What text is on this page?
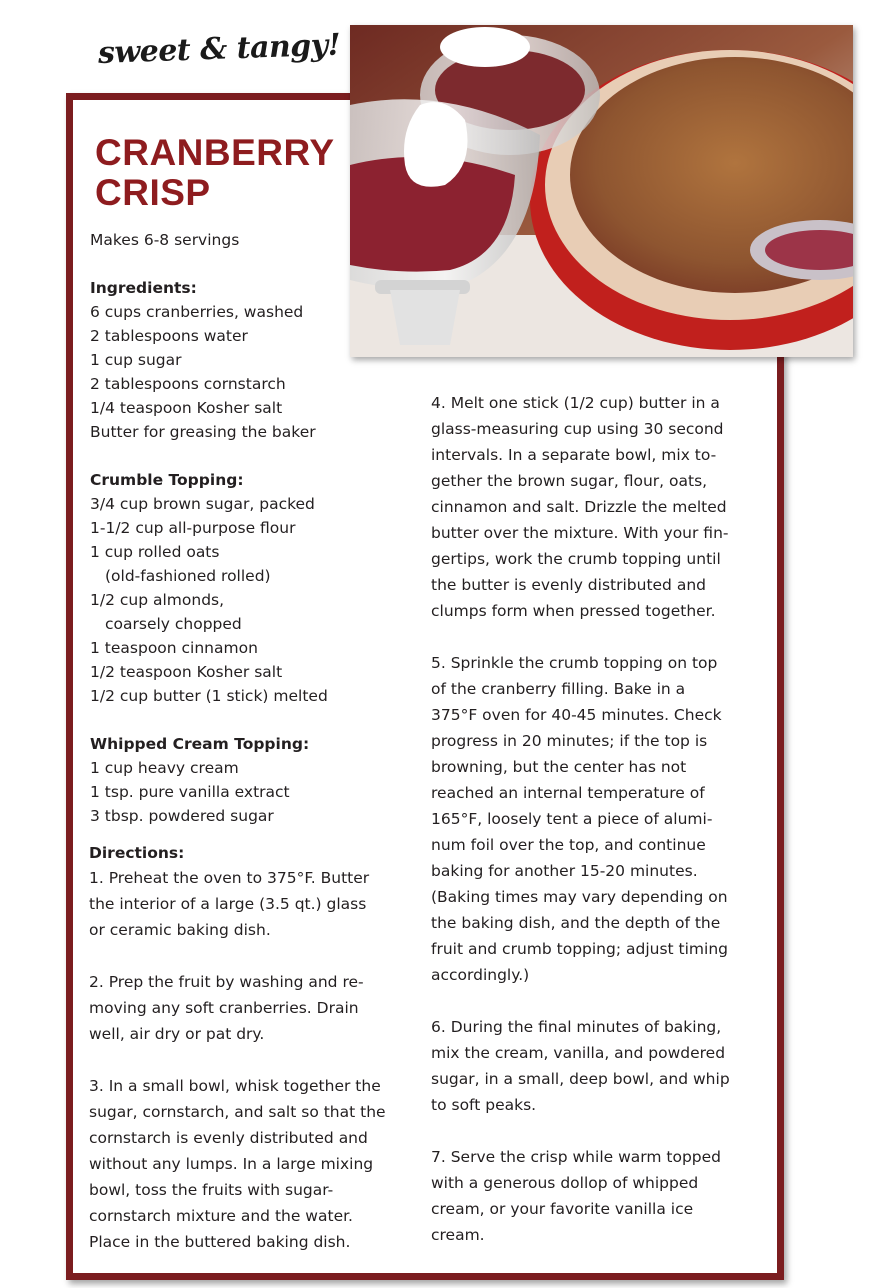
sweet & tangy!
CRANBERRY
CRISP
Makes 6-8 servings
Ingredients:
6 cups cranberries, washed
2 tablespoons water
1 cup sugar
2 tablespoons cornstarch
1/4 teaspoon Kosher salt
Butter for greasing the baker
Crumble Topping:
3/4 cup brown sugar, packed
1-1/2 cup all-purpose flour
1 cup rolled oats
(old-fashioned rolled)
1/2 cup almonds,
coarsely chopped
1 teaspoon cinnamon
1/2 teaspoon Kosher salt
1/2 cup butter (1 stick) melted
Whipped Cream Topping:
1 cup heavy cream
1 tsp. pure vanilla extract
3 tbsp. powdered sugar
Directions:

1. Preheat the oven to 375°F. Butter
the interior of a large (3.5 qt.) glass
or ceramic baking dish.

2. Prep the fruit by washing and re-
moving any soft cranberries. Drain
well, air dry or pat dry.

3. In a small bowl, whisk together the
sugar, cornstarch, and salt so that the
cornstarch is evenly distributed and
without any lumps. In a large mixing
bowl, toss the fruits with sugar-
cornstarch mixture and the water.
Place in the buttered baking dish.

4. Melt one stick (1/2 cup) butter in a
glass-measuring cup using 30 second
intervals. In a separate bowl, mix to-
gether the brown sugar, flour, oats,
cinnamon and salt. Drizzle the melted
butter over the mixture. With your fin-
gertips, work the crumb topping until
the butter is evenly distributed and
clumps form when pressed together.

5. Sprinkle the crumb topping on top
of the cranberry filling. Bake in a
375°F oven for 40-45 minutes. Check
progress in 20 minutes; if the top is
browning, but the center has not
reached an internal temperature of
165°F, loosely tent a piece of alumi-
num foil over the top, and continue
baking for another 15-20 minutes.
(Baking times may vary depending on
the baking dish, and the depth of the
fruit and crumb topping; adjust timing
accordingly.)

6. During the final minutes of baking,
mix the cream, vanilla, and powdered
sugar, in a small, deep bowl, and whip
to soft peaks.

7. Serve the crisp while warm topped
with a generous dollop of whipped
cream, or your favorite vanilla ice
cream.
